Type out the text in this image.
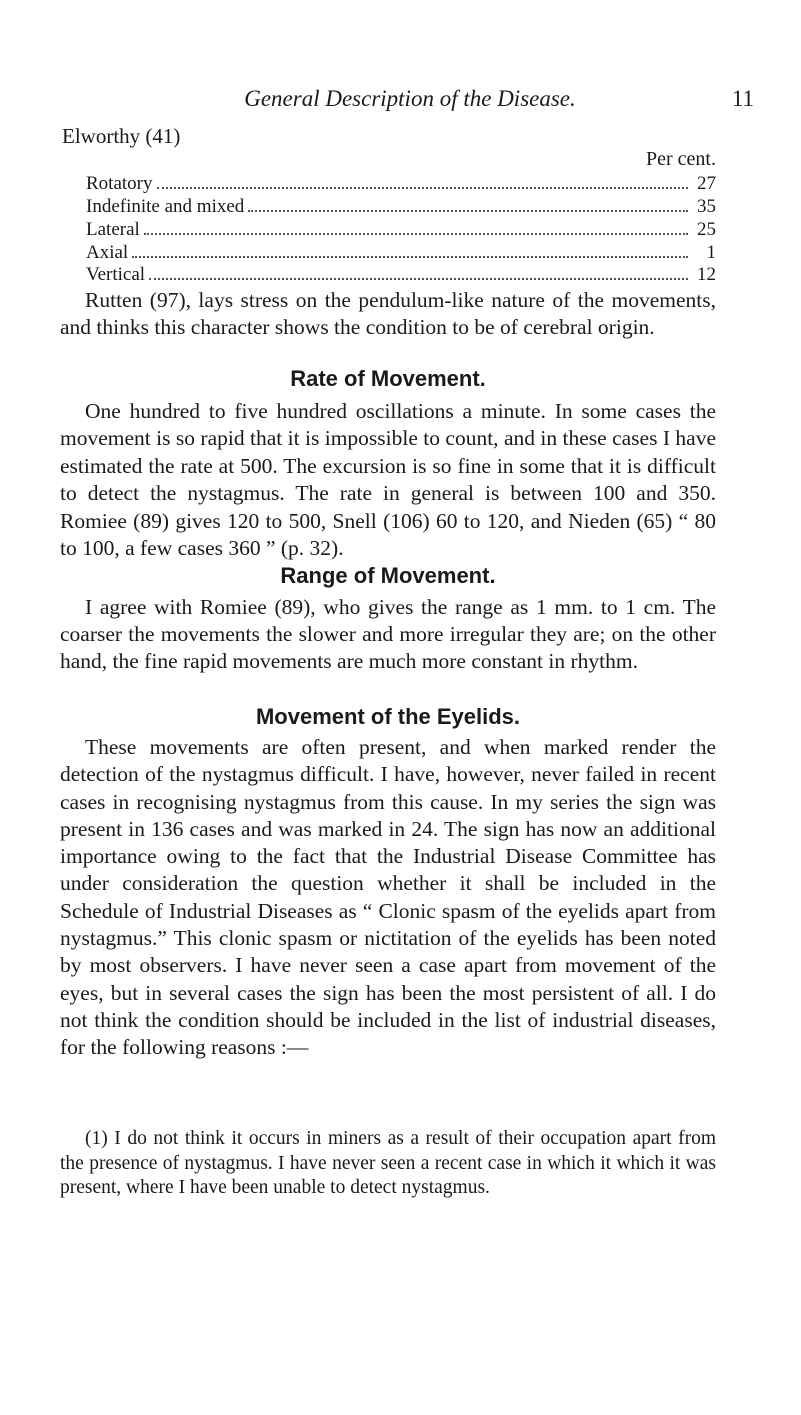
General Description of the Disease.	11
Elworthy (41)
Per cent.
Rotatory	27
Indefinite and mixed	35
Lateral	25
Axial	1
Vertical	12

Rutten (97), lays stress on the pendulum-like nature of the movements, and thinks this character shows the condition to be of cerebral origin.

Rate of Movement.

One hundred to five hundred oscillations a minute. In some cases the movement is so rapid that it is impossible to count, and in these cases I have estimated the rate at 500. The excursion is so fine in some that it is difficult to detect the nystagmus. The rate in general is between 100 and 350. Romiee (89) gives 120 to 500, Snell (106) 60 to 120, and Nieden (65) “ 80 to 100, a few cases 360 ” (p. 32).

Range of Movement.

I agree with Romiee (89), who gives the range as 1 mm. to 1 cm. The coarser the movements the slower and more irregular they are; on the other hand, the fine rapid movements are much more constant in rhythm.

Movement of the Eyelids.

These movements are often present, and when marked render the detection of the nystagmus difficult. I have, however, never failed in recent cases in recognising nystagmus from this cause. In my series the sign was present in 136 cases and was marked in 24. The sign has now an additional importance owing to the fact that the Industrial Disease Committee has under consideration the question whether it shall be included in the Schedule of Industrial Diseases as “ Clonic spasm of the eyelids apart from nystagmus.” This clonic spasm or nictitation of the eyelids has been noted by most observers. I have never seen a case apart from movement of the eyes, but in several cases the sign has been the most persistent of all. I do not think the condition should be included in the list of industrial diseases, for the following reasons :—

(1) I do not think it occurs in miners as a result of their occupation apart from the presence of nystagmus. I have never seen a recent case in which it which it was present, where I have been unable to detect nystagmus.
